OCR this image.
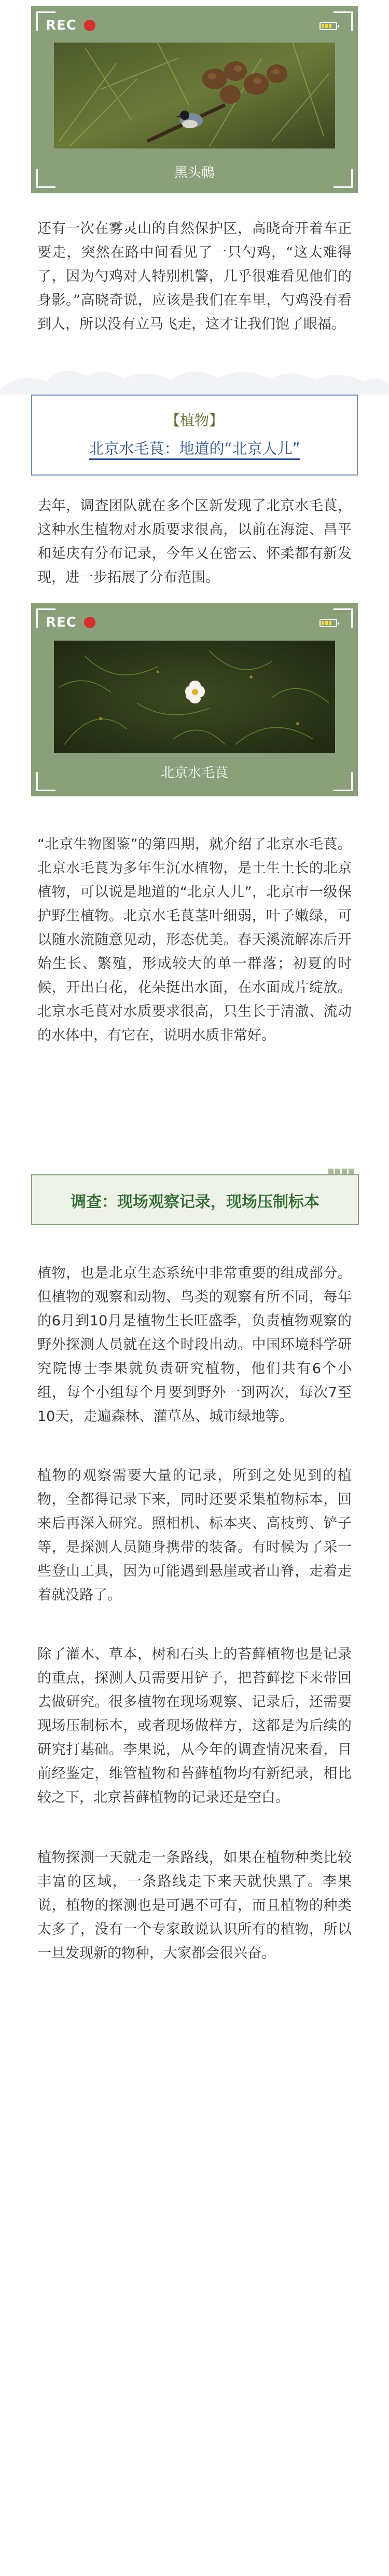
REC
黑头鳾

还有一次在雾灵山的自然保护区，高晓奇开着车正要走，突然在路中间看见了一只勺鸡，“这太难得了，因为勺鸡对人特别机警，几乎很难看见他们的身影。”高晓奇说，应该是我们在车里，勺鸡没有看到人，所以没有立马飞走，这才让我们饱了眼福。

【植物】
北京水毛茛：地道的“北京人儿”

去年，调查团队就在多个区新发现了北京水毛茛，这种水生植物对水质要求很高，以前在海淀、昌平和延庆有分布记录，今年又在密云、怀柔都有新发现，进一步拓展了分布范围。

REC
北京水毛茛

“北京生物图鉴”的第四期，就介绍了北京水毛茛。北京水毛茛为多年生沉水植物，是土生土长的北京植物，可以说是地道的“北京人儿”，北京市一级保护野生植物。北京水毛茛茎叶细弱，叶子嫩绿，可以随水流随意见动，形态优美。春天溪流解冻后开始生长、繁殖，形成较大的单一群落；初夏的时候，开出白花，花朵挺出水面，在水面成片绽放。北京水毛茛对水质要求很高，只生长于清澈、流动的水体中，有它在，说明水质非常好。

调查：现场观察记录，现场压制标本

植物，也是北京生态系统中非常重要的组成部分。但植物的观察和动物、鸟类的观察有所不同，每年的6月到10月是植物生长旺盛季，负责植物观察的野外探测人员就在这个时段出动。中国环境科学研究院博士李果就负责研究植物，他们共有6个小组，每个小组每个月要到野外一到两次，每次7至10天，走遍森林、灌草丛、城市绿地等。

植物的观察需要大量的记录，所到之处见到的植物，全都得记录下来，同时还要采集植物标本，回来后再深入研究。照相机、标本夹、高枝剪、铲子等，是探测人员随身携带的装备。有时候为了采一些登山工具，因为可能遇到悬崖或者山脊，走着走着就没路了。

除了灌木、草本，树和石头上的苔藓植物也是记录的重点，探测人员需要用铲子，把苔藓挖下来带回去做研究。很多植物在现场观察、记录后，还需要现场压制标本，或者现场做样方，这都是为后续的研究打基础。李果说，从今年的调查情况来看，目前经鉴定，维管植物和苔藓植物均有新纪录，相比较之下，北京苔藓植物的记录还是空白。

植物探测一天就走一条路线，如果在植物种类比较丰富的区域，一条路线走下来天就快黑了。李果说，植物的探测也是可遇不可有，而且植物的种类太多了，没有一个专家敢说认识所有的植物，所以一旦发现新的物种，大家都会很兴奋。
